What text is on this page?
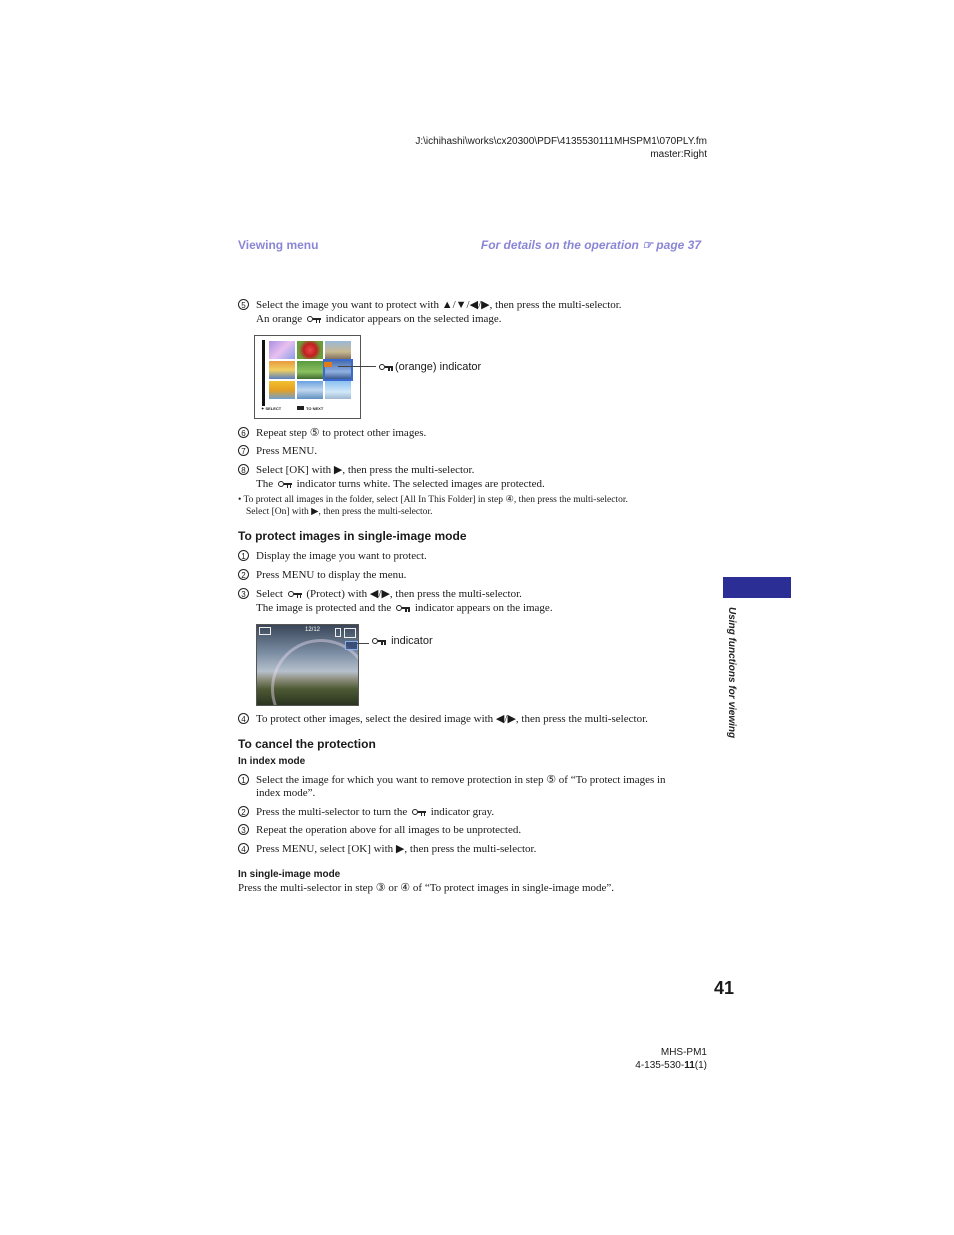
J:\ichihashi\works\cx20300\PDF\4135530111MHSPM1\070PLY.fm
master:Right
Viewing menu	For details on the operation ☞ page 37
5 Select the image you want to protect with ▲/▼/◀/▶, then press the multi-selector.
An orange indicator appears on the selected image.
✦ SELECT	TO NEXT
(orange) indicator
6 Repeat step ⑤ to protect other images.
7 Press MENU.
8 Select [OK] with ▶, then press the multi-selector.
The indicator turns white. The selected images are protected.
• To protect all images in the folder, select [All In This Folder] in step ④, then press the multi-selector.
Select [On] with ▶, then press the multi-selector.
To protect images in single-image mode
1 Display the image you want to protect.
2 Press MENU to display the menu.
3 Select (Protect) with ◀/▶, then press the multi-selector.
The image is protected and the indicator appears on the image.
12/12
indicator
4 To protect other images, select the desired image with ◀/▶, then press the multi-selector.
To cancel the protection
In index mode
1 Select the image for which you want to remove protection in step ⑤ of “To protect images in
index mode”.
2 Press the multi-selector to turn the indicator gray.
3 Repeat the operation above for all images to be unprotected.
4 Press MENU, select [OK] with ▶, then press the multi-selector.
In single-image mode
Press the multi-selector in step ③ or ④ of “To protect images in single-image mode”.
Using functions for viewing
41
MHS-PM1
4-135-530-11(1)
